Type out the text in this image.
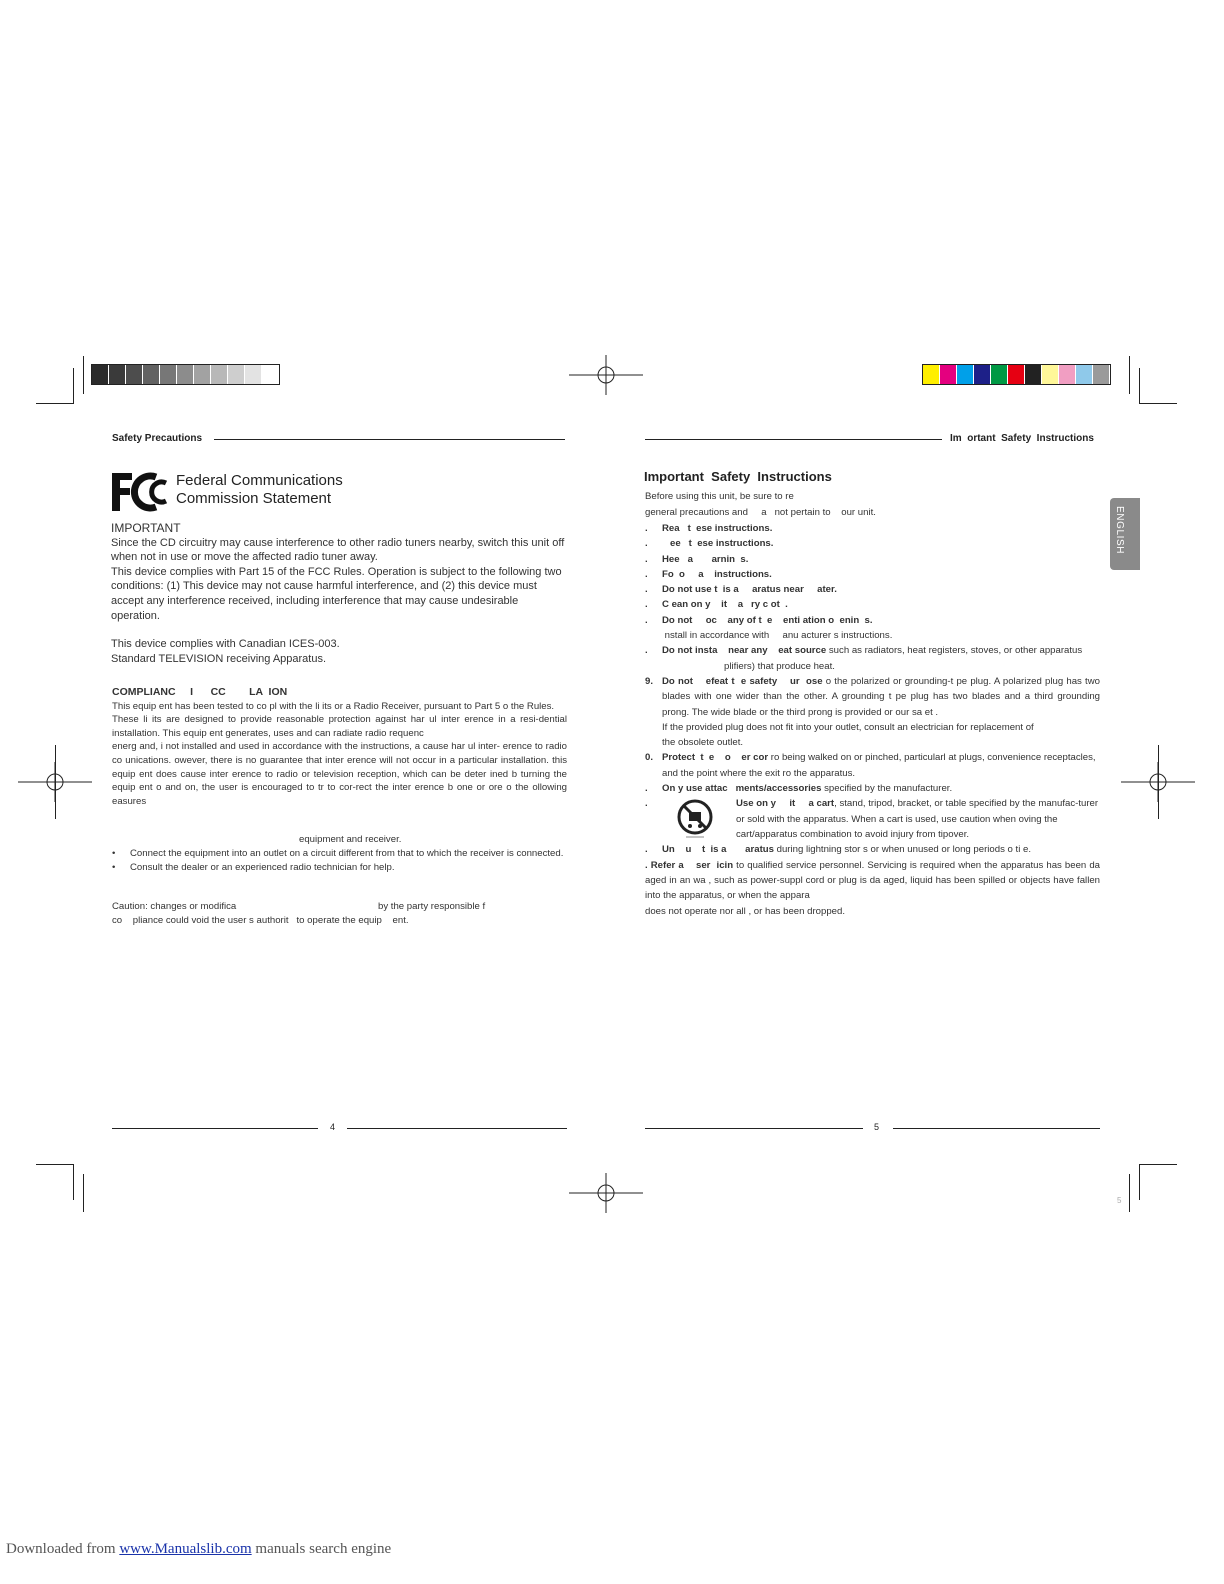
5
Safety Precautions
Federal Communications
Commission Statement

IMPORTANT

Since the CD circuitry may cause interference to other radio tuners nearby, switch this unit off when not in use or move the affected radio tuner away.

This device complies with Part 15 of the FCC Rules. Operation is subject to the following two conditions: (1) This device may not cause harmful interference, and (2) this device must accept any interference received, including interference that may cause undesirable operation.

This device complies with Canadian ICES-003.

Standard TELEVISION receiving Apparatus.

COMPLIANC     I      CC        LA  ION

This equip ent has been tested to co pl with the li its or a Radio Receiver, pursuant to Part 5 o the Rules.

These li its are designed to provide reasonable protection against har ul inter erence in a resi-dential installation. This equip ent generates, uses and can radiate radio requenc

energ and, i not installed and used in accordance with the instructions, a cause har ul inter- erence to radio co unications. owever, there is no guarantee that inter erence will not occur in a particular installation. this equip ent does cause inter erence to radio or television reception, which can be deter ined b turning the equip ent o and on, the user is encouraged to tr to cor-rect the inter erence b one or ore o the ollowing easures

equipment and receiver.

• Connect the equipment into an outlet on a circuit different from that to which the receiver is connected.

• Consult the dealer or an experienced radio technician for help.

Caution: changes or modifica	by the party responsible f
co    pliance could void the user s authorit   to operate the equip    ent.
4
Im  ortant  Safety  Instructions
ENGLISH
Important  Safety  Instructions

Before using this unit, be sure to re

general precautions and     a   not pertain to    our unit.

. Rea   t  ese instructions.

. ee   t  ese instructions.

. Hee   a       arnin  s.

. Fo  o     a    instructions.

. Do not use t  is a     aratus near     ater.

. C ean on y    it    a   ry c ot  .

. Do not     oc    any of t  e    enti ation o  enin  s.
nstall in accordance with     anu acturer s instructions.

. Do not insta    near any    eat source such as radiators, heat registers, stoves, or other apparatus
plifiers) that produce heat.

9. Do not    efeat t  e safety    ur  ose o the polarized or grounding-t pe plug. A polarized plug has two blades with one wider than the other. A grounding t pe plug has two blades and a third grounding prong. The wide blade or the third prong is provided or our sa et .
If the provided plug does not fit into your outlet, consult an electrician for replacement of
the obsolete outlet.

0. Protect  t  e    o    er cor ro being walked on or pinched, particularl at plugs, convenience receptacles, and the point where the exit ro the apparatus.

. On y use attac   ments/accessories specified by the manufacturer.

.	Use on y     it     a cart, stand, tripod, bracket, or table specified by the manufac-turer or sold with the apparatus. When a cart is used, use caution when oving the cart/apparatus combination to avoid injury from tipover.

. Un    u    t  is a       aratus during lightning stor s or when unused or long periods o ti e.

. Refer a    ser  icin to qualified service personnel. Servicing is required when the apparatus has been da aged in an wa , such as power-suppl cord or plug is da aged, liquid has been spilled or objects have fallen into the apparatus, or when the appara
does not operate nor all , or has been dropped.

5
Downloaded from www.Manualslib.com manuals search engine
